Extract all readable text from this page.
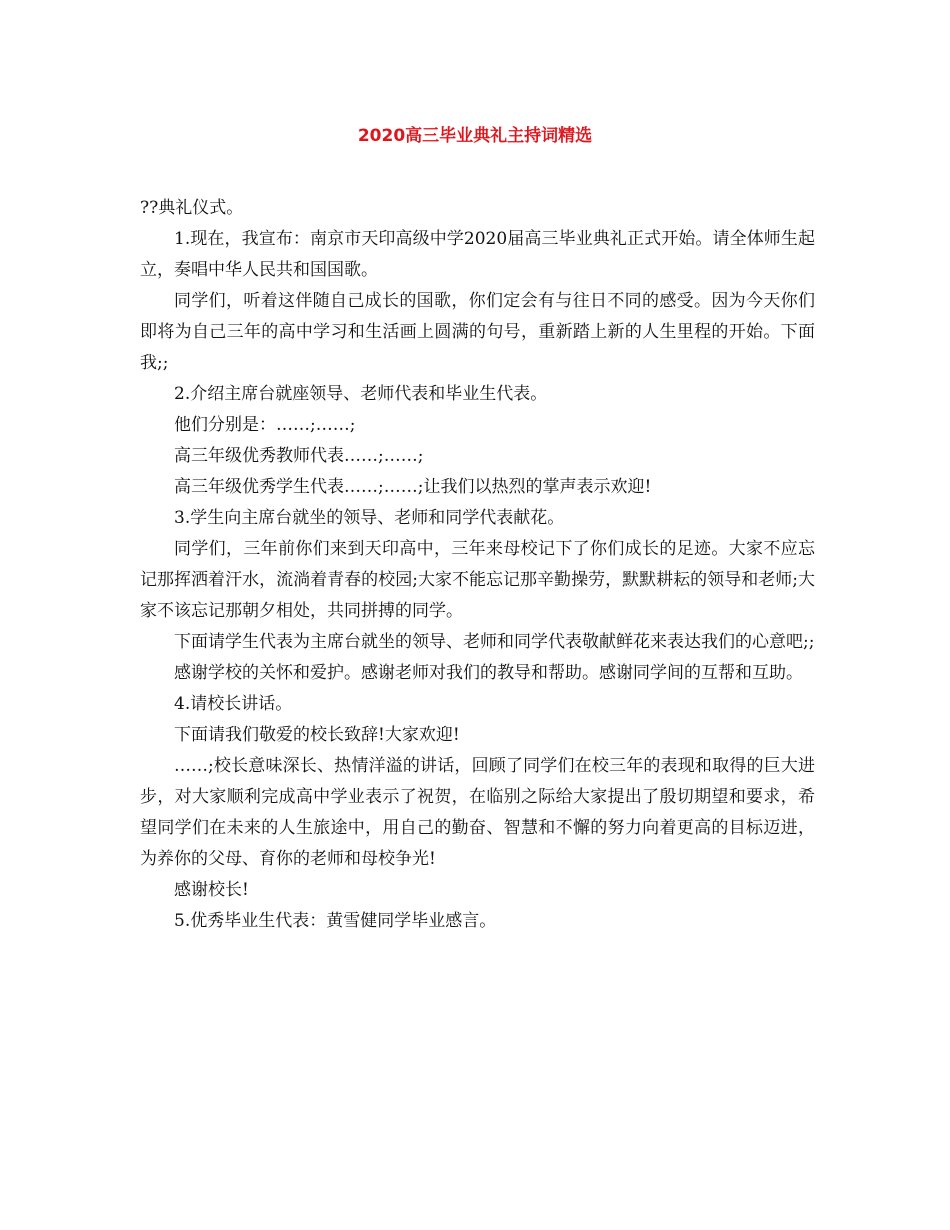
2020高三毕业典礼主持词精选

??典礼仪式。

1.现在，我宣布：南京市天印高级中学2020届高三毕业典礼正式开始。请全体师生起立，奏唱中华人民共和国国歌。

同学们，听着这伴随自己成长的国歌，你们定会有与往日不同的感受。因为今天你们即将为自己三年的高中学习和生活画上圆满的句号，重新踏上新的人生里程的开始。下面我;;

2.介绍主席台就座领导、老师代表和毕业生代表。

他们分别是：……;……;

高三年级优秀教师代表……;……;

高三年级优秀学生代表……;……;让我们以热烈的掌声表示欢迎!

3.学生向主席台就坐的领导、老师和同学代表献花。

同学们，三年前你们来到天印高中，三年来母校记下了你们成长的足迹。大家不应忘记那挥洒着汗水，流淌着青春的校园;大家不能忘记那辛勤操劳，默默耕耘的领导和老师;大家不该忘记那朝夕相处，共同拼搏的同学。

下面请学生代表为主席台就坐的领导、老师和同学代表敬献鲜花来表达我们的心意吧;;

感谢学校的关怀和爱护。感谢老师对我们的教导和帮助。感谢同学间的互帮和互助。

4.请校长讲话。

下面请我们敬爱的校长致辞!大家欢迎!

……;校长意味深长、热情洋溢的讲话，回顾了同学们在校三年的表现和取得的巨大进步，对大家顺利完成高中学业表示了祝贺，在临别之际给大家提出了殷切期望和要求，希望同学们在未来的人生旅途中，用自己的勤奋、智慧和不懈的努力向着更高的目标迈进，为养你的父母、育你的老师和母校争光!

感谢校长!

5.优秀毕业生代表：黄雪健同学毕业感言。
